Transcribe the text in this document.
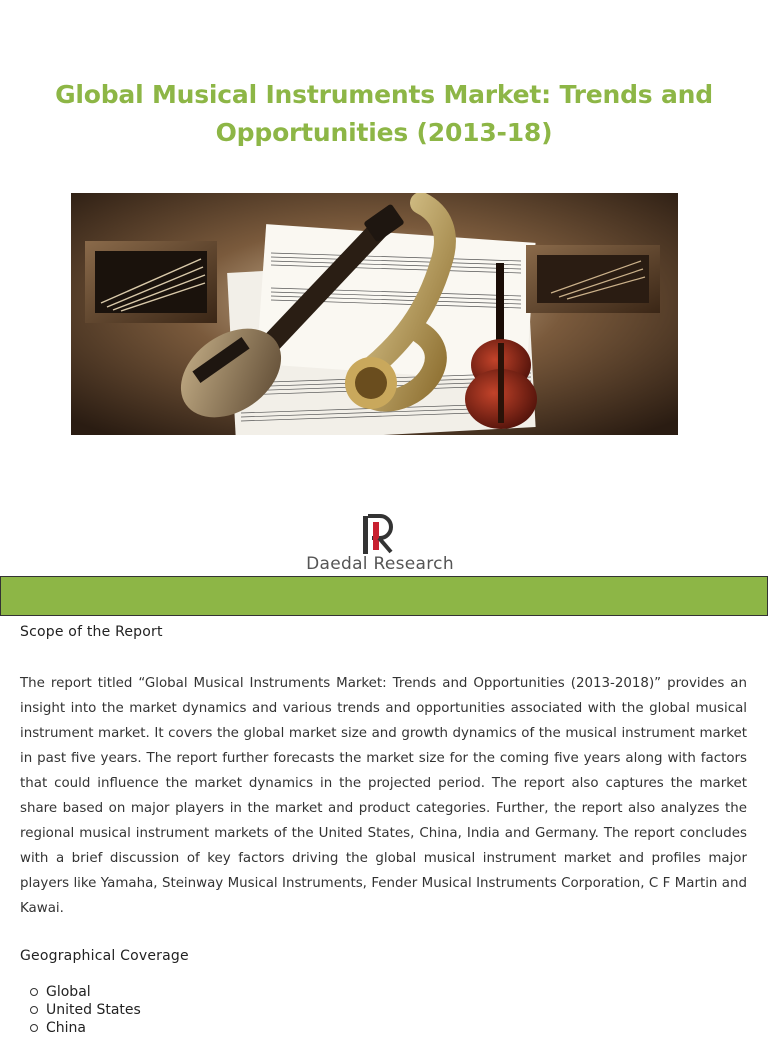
Global Musical Instruments Market: Trends and
Opportunities (2013-18)
Daedal Research
Scope of the Report
The report titled “Global Musical Instruments Market: Trends and Opportunities (2013-2018)” provides an insight into the market dynamics and various trends and opportunities associated with the global musical instrument market. It covers the global market size and growth dynamics of the musical instrument market in past five years. The report further forecasts the market size for the coming five years along with factors that could influence the market dynamics in the projected period. The report also captures the market share based on major players in the market and product categories. Further, the report also analyzes the regional musical instrument markets of the United States, China, India and Germany. The report concludes with a brief discussion of key factors driving the global musical instrument market and profiles major players like Yamaha, Steinway Musical Instruments, Fender Musical Instruments Corporation, C F Martin and Kawai.
Geographical Coverage
Global
United States
China
